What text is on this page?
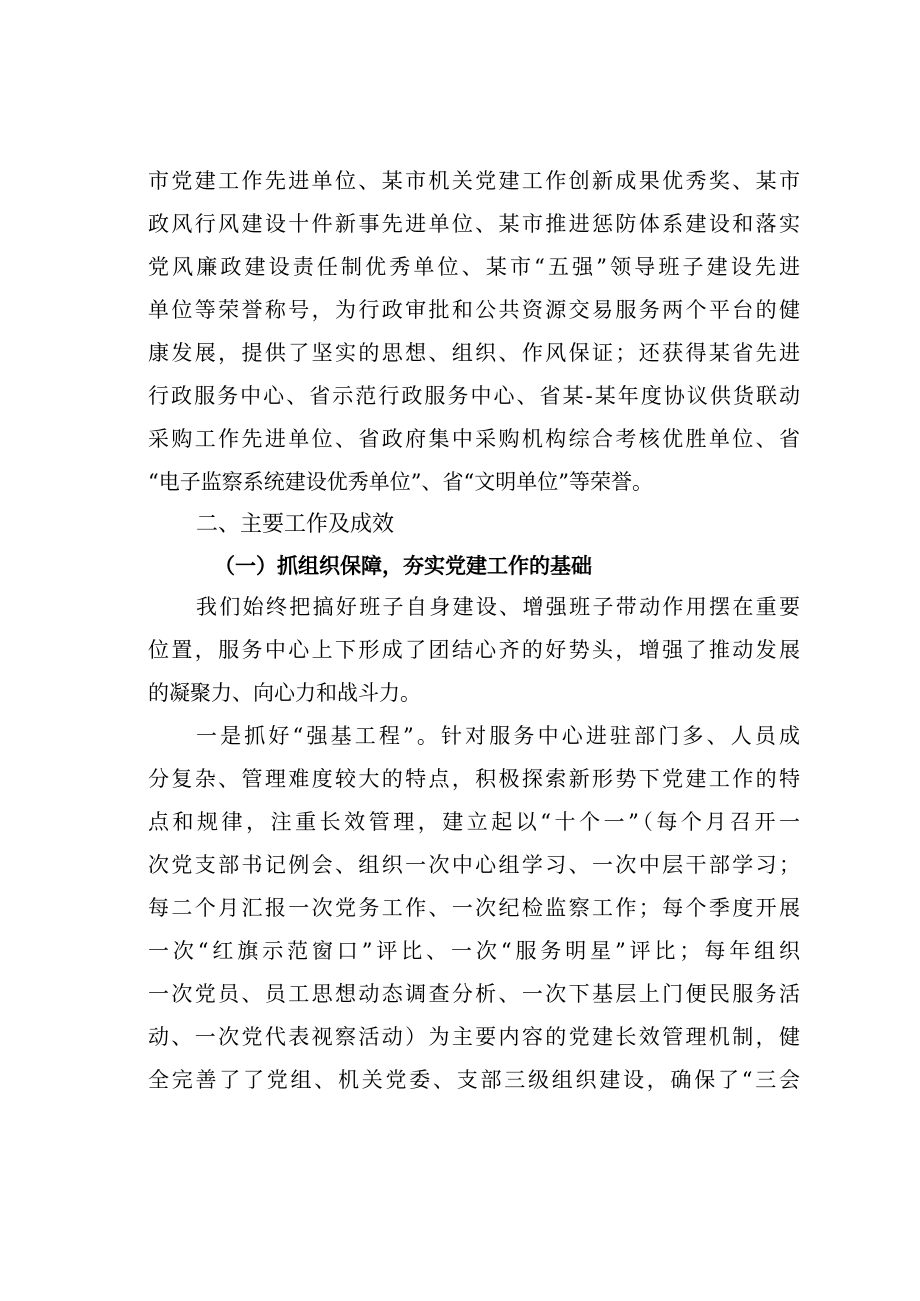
市党建工作先进单位、某市机关党建工作创新成果优秀奖、某市
政风行风建设十件新事先进单位、某市推进惩防体系建设和落实
党风廉政建设责任制优秀单位、某市“五强”领导班子建设先进
单位等荣誉称号，为行政审批和公共资源交易服务两个平台的健
康发展，提供了坚实的思想、组织、作风保证；还获得某省先进
行政服务中心、省示范行政服务中心、省某-某年度协议供货联动
采购工作先进单位、省政府集中采购机构综合考核优胜单位、省
“电子监察系统建设优秀单位”、省“文明单位”等荣誉。
二、主要工作及成效
（一）抓组织保障，夯实党建工作的基础
我们始终把搞好班子自身建设、增强班子带动作用摆在重要
位置，服务中心上下形成了团结心齐的好势头，增强了推动发展
的凝聚力、向心力和战斗力。
一是抓好“强基工程”。针对服务中心进驻部门多、人员成
分复杂、管理难度较大的特点，积极探索新形势下党建工作的特
点和规律，注重长效管理，建立起以“十个一”（每个月召开一
次党支部书记例会、组织一次中心组学习、一次中层干部学习；
每二个月汇报一次党务工作、一次纪检监察工作；每个季度开展
一次“红旗示范窗口”评比、一次“服务明星”评比；每年组织
一次党员、员工思想动态调查分析、一次下基层上门便民服务活
动、一次党代表视察活动）为主要内容的党建长效管理机制，健
全完善了了党组、机关党委、支部三级组织建设，确保了“三会
